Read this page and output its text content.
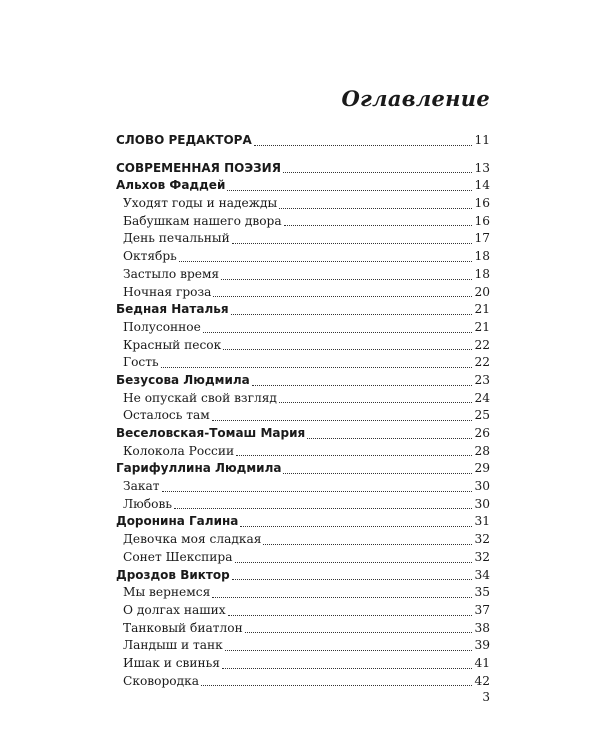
Оглавление
СЛОВО РЕДАКТОРА	11
СОВРЕМЕННАЯ ПОЭЗИЯ	13
Альхов Фаддей	14
Уходят годы и надежды	16
Бабушкам нашего двора	16
День печальный	17
Октябрь	18
Застыло время	18
Ночная гроза	20
Бедная Наталья	21
Полусонное	21
Красный песок	22
Гость	22
Безусова Людмила	23
Не опускай свой взгляд	24
Осталось там	25
Веселовская-Томаш Мария	26
Колокола России	28
Гарифуллина Людмила	29
Закат	30
Любовь	30
Доронина Галина	31
Девочка моя сладкая	32
Сонет Шекспира	32
Дроздов Виктор	34
Мы вернемся	35
О долгах наших	37
Танковый биатлон	38
Ландыш и танк	39
Ишак и свинья	41
Сковородка	42
3
